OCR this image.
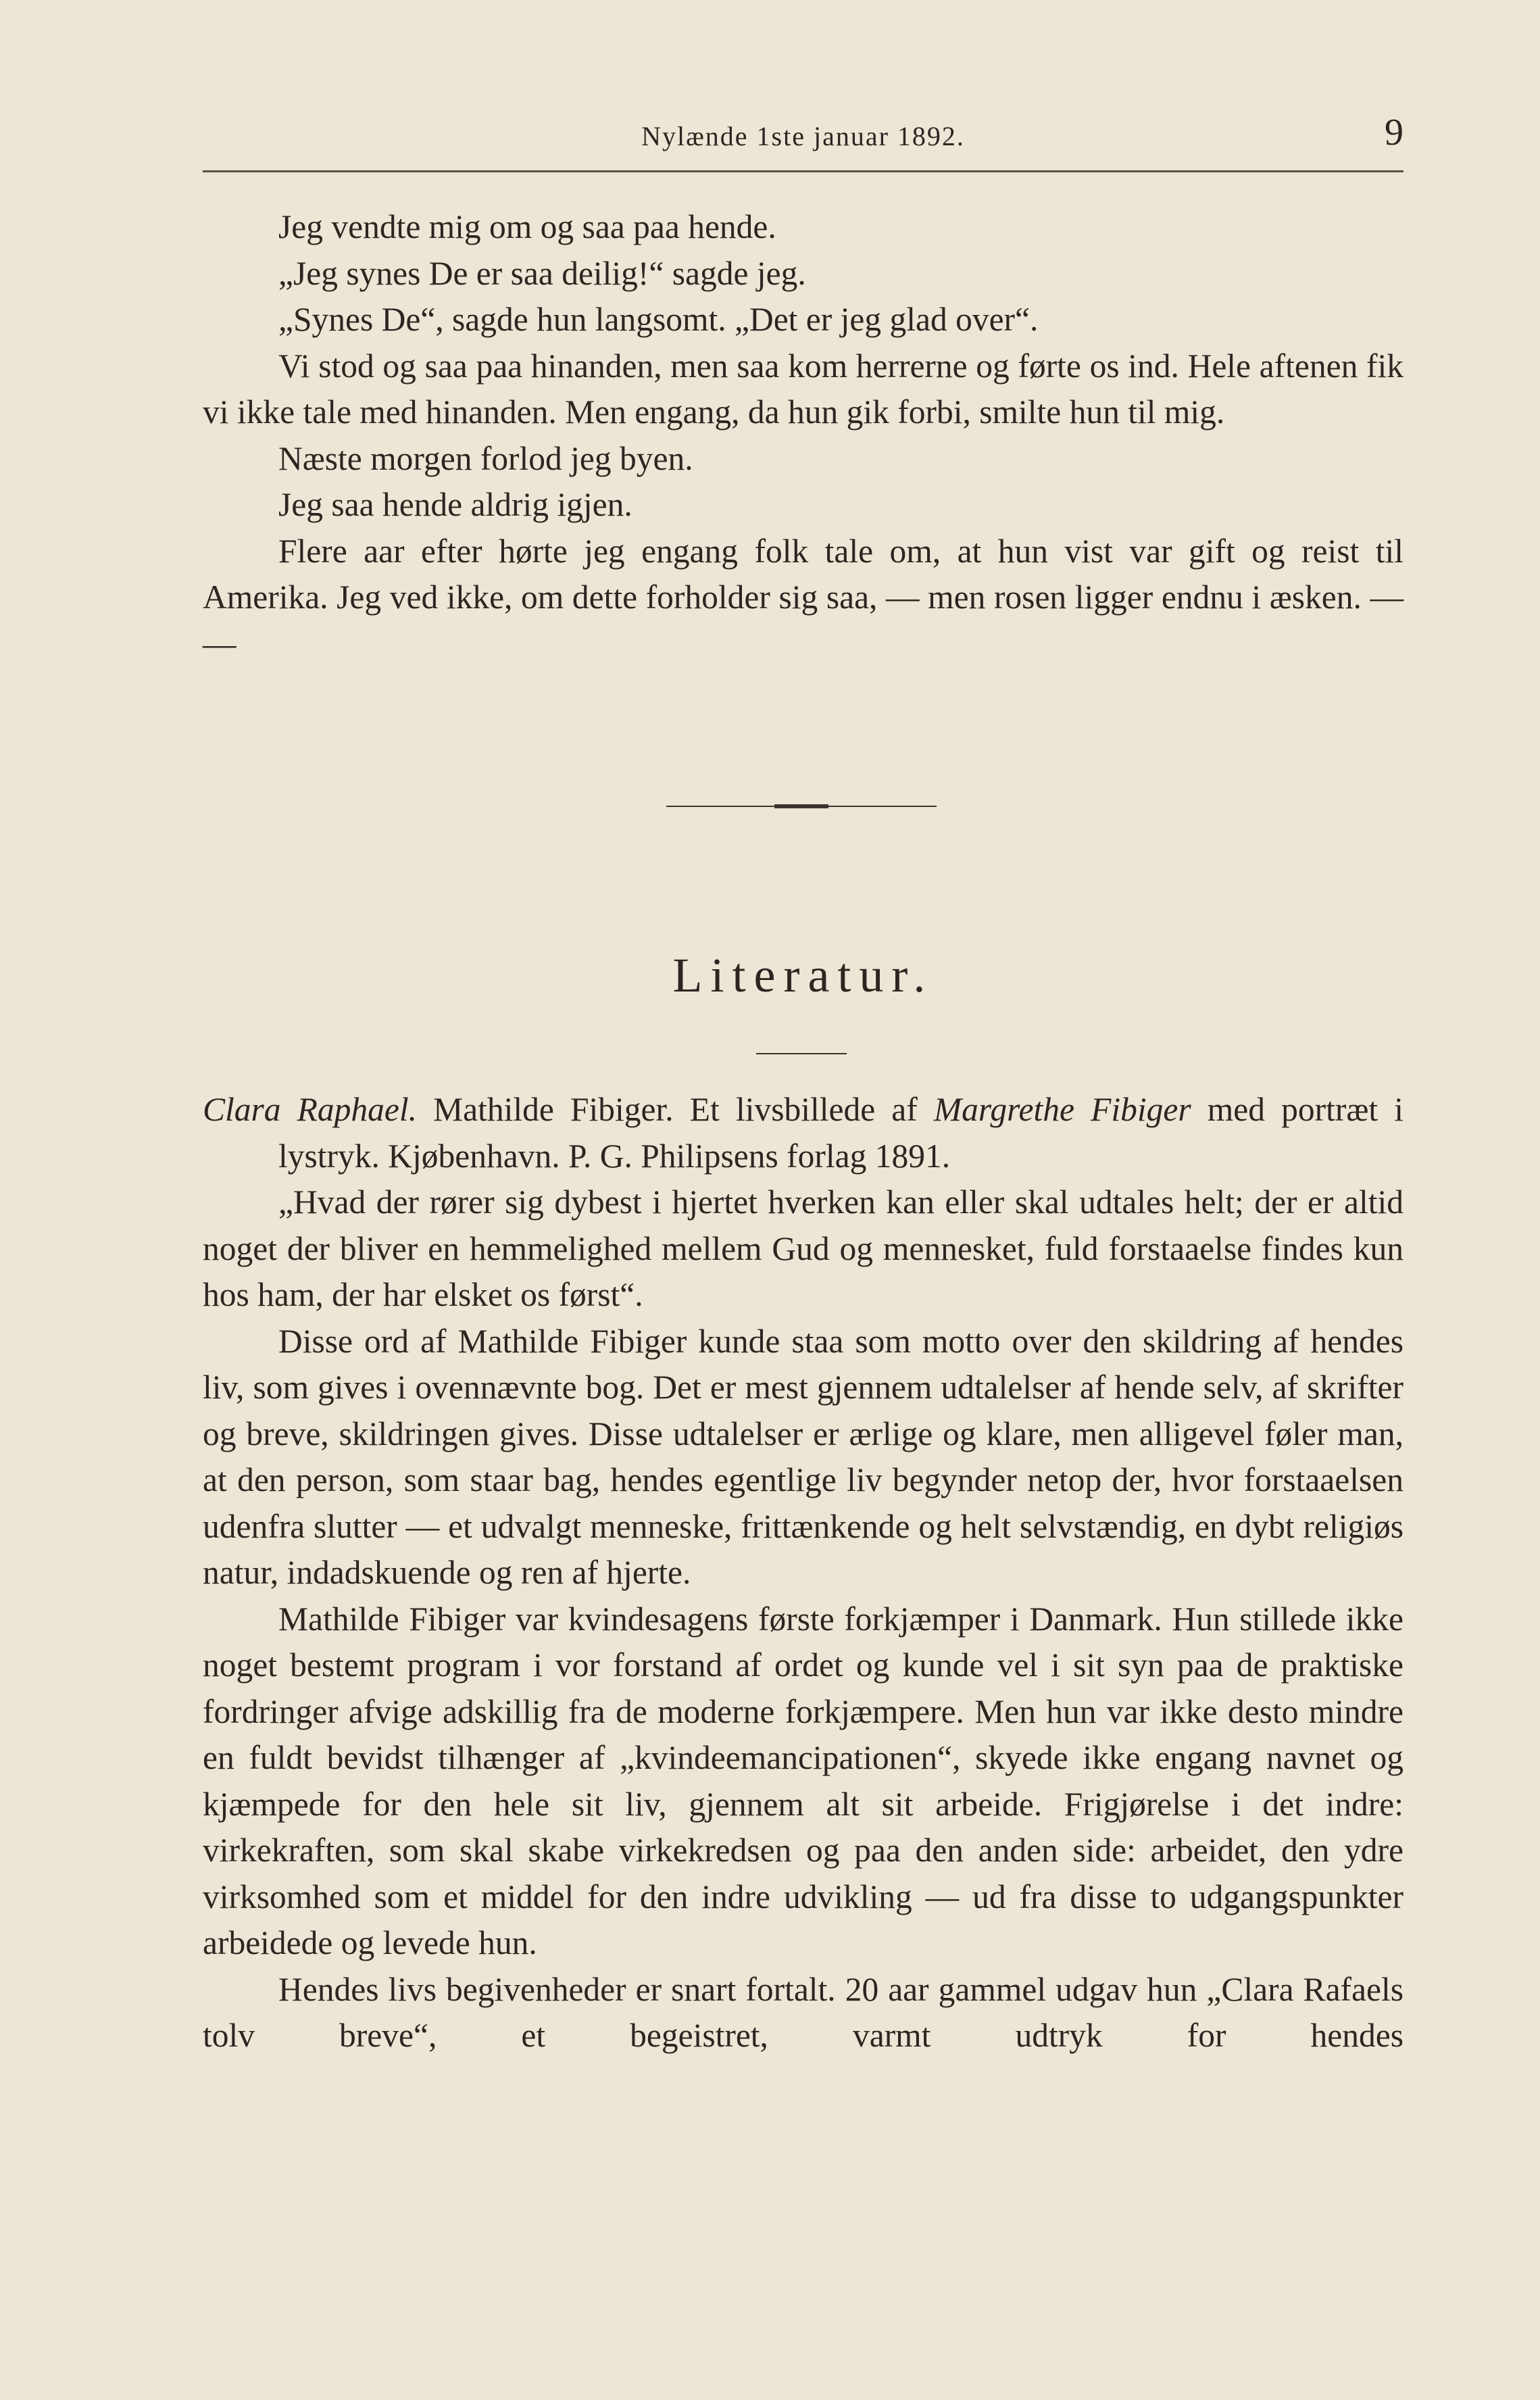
Nylænde 1ste januar 1892.	9

Jeg vendte mig om og saa paa hende.

„Jeg synes De er saa deilig!“ sagde jeg.

„Synes De“, sagde hun langsomt. „Det er jeg glad over“.

Vi stod og saa paa hinanden, men saa kom herrerne og førte os ind. Hele aftenen fik vi ikke tale med hinanden. Men engang, da hun gik forbi, smilte hun til mig.

Næste morgen forlod jeg byen.

Jeg saa hende aldrig igjen.

Flere aar efter hørte jeg engang folk tale om, at hun vist var gift og reist til Amerika. Jeg ved ikke, om dette forholder sig saa, — men rosen ligger endnu i æsken. — —

Literatur.

Clara Raphael. Mathilde Fibiger. Et livsbillede af Margrethe Fibiger med portræt i lystryk. Kjøbenhavn. P. G. Philipsens forlag 1891.

„Hvad der rører sig dybest i hjertet hverken kan eller skal udtales helt; der er altid noget der bliver en hemmelighed mellem Gud og mennesket, fuld forstaaelse findes kun hos ham, der har elsket os først“.

Disse ord af Mathilde Fibiger kunde staa som motto over den skildring af hendes liv, som gives i ovennævnte bog. Det er mest gjennem udtalelser af hende selv, af skrifter og breve, skildringen gives. Disse udtalelser er ærlige og klare, men alligevel føler man, at den person, som staar bag, hendes egentlige liv begynder netop der, hvor forstaaelsen udenfra slutter — et udvalgt menneske, frittænkende og helt selvstændig, en dybt religiøs natur, indadskuende og ren af hjerte.

Mathilde Fibiger var kvindesagens første forkjæmper i Danmark. Hun stillede ikke noget bestemt program i vor forstand af ordet og kunde vel i sit syn paa de praktiske fordringer afvige adskillig fra de moderne forkjæmpere. Men hun var ikke desto mindre en fuldt bevidst tilhænger af „kvindeemancipationen“, skyede ikke engang navnet og kjæmpede for den hele sit liv, gjennem alt sit arbeide. Frigjørelse i det indre: virkekraften, som skal skabe virkekredsen og paa den anden side: arbeidet, den ydre virksomhed som et middel for den indre udvikling — ud fra disse to udgangspunkter arbeidede og levede hun.

Hendes livs begivenheder er snart fortalt. 20 aar gammel udgav hun „Clara Rafaels tolv breve“, et begeistret, varmt udtryk for hendes
